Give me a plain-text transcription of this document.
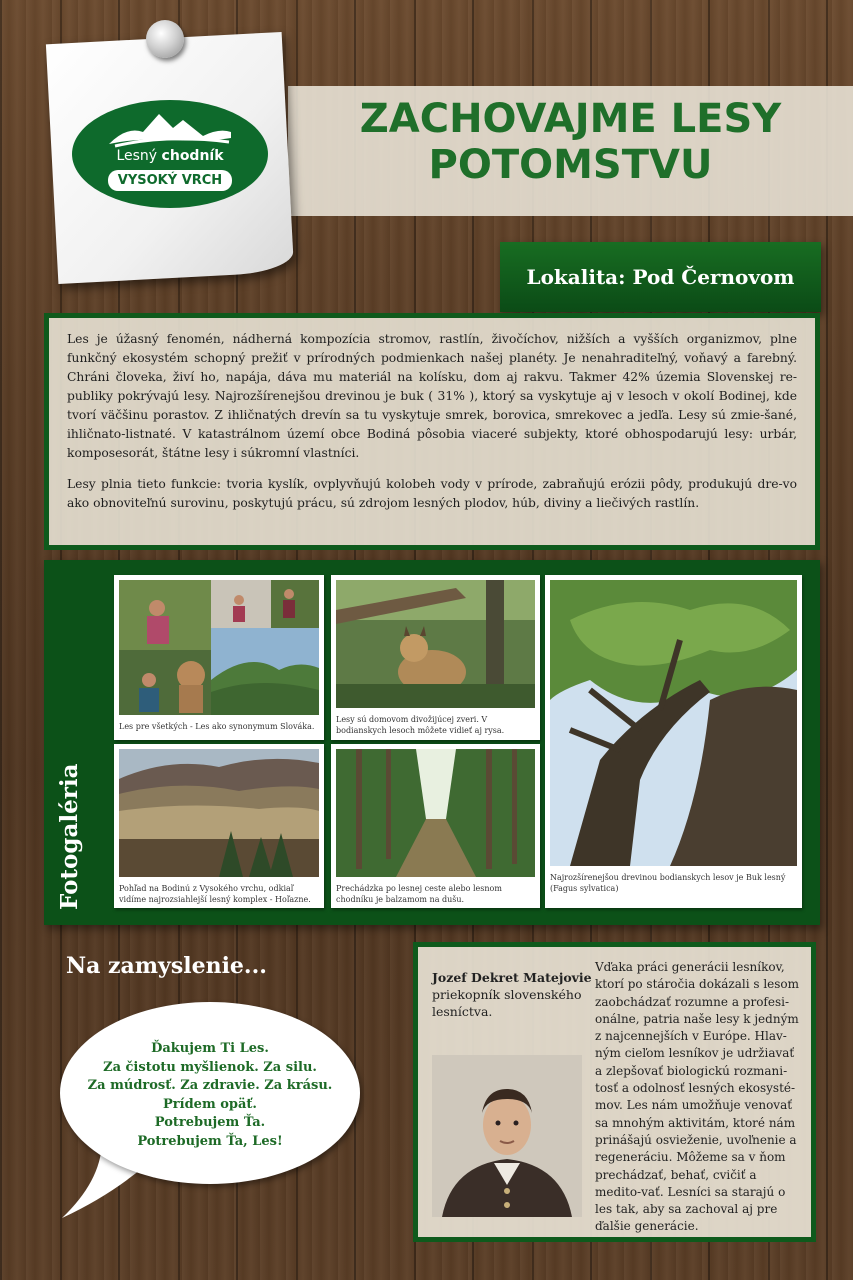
Lesný chodník
VYSOKÝ VRCH
ZACHOVAJME LESY
POTOMSTVU
Lokalita: Pod Černovom

Les je úžasný fenomén, nádherná kompozícia stromov, rastlín, živočíchov, nižších a vyšších organizmov, plne funkčný ekosystém schopný prežiť v prírodných podmienkach našej planéty. Je nenahraditeľný, voňavý a farebný. Chráni človeka, živí ho, napája, dáva mu materiál na kolísku, dom aj rakvu. Takmer 42% územia Slovenskej re-publiky pokrývajú lesy. Najrozšírenejšou drevinou je buk ( 31% ), ktorý sa vyskytuje aj v lesoch v okolí Bodinej, kde tvorí väčšinu porastov. Z ihličnatých drevín sa tu vyskytuje smrek, borovica, smrekovec a jedľa. Lesy sú zmie-šané, ihličnato-listnaté. V katastrálnom území obce Bodiná pôsobia viaceré subjekty, ktoré obhospodarujú lesy: urbár, komposesorát, štátne lesy i súkromní vlastníci.

Lesy plnia tieto funkcie: tvoria kyslík, ovplyvňujú kolobeh vody v prírode, zabraňujú erózii pôdy, produkujú dre-vo ako obnoviteľnú surovinu, poskytujú prácu, sú zdrojom lesných plodov, húb, diviny a liečivých rastlín.

Fotogaléria
Les pre všetkých - Les ako synonymum Slováka.
Lesy sú domovom divožijúcej zveri. V bodianskych lesoch môžete vidieť aj rysa.
Najrozšírenejšou drevinou bodianskych lesov je Buk lesný (Fagus sylvatica)
Pohľad na Bodinú z Vysokého vrchu, odkiaľ vidíme najrozsiahlejší lesný komplex - Hoľazne.
Prechádzka po lesnej ceste alebo lesnom chodníku je balzamom na dušu.
Na zamyslenie...
Ďakujem Ti Les.
Za čistotu myšlienok. Za silu.
Za múdrosť. Za zdravie. Za krásu.
Prídem opäť.
Potrebujem Ťa.
Potrebujem Ťa, Les!
Jozef Dekret Matejovie
priekopník slovenského lesníctva.
Vďaka práci generácii lesníkov, ktorí po stáročia dokázali s lesom zaobchádzať rozumne a profesi-onálne, patria naše lesy k jedným z najcennejších v Európe. Hlav-ným cieľom lesníkov je udržiavať a zlepšovať biologickú rozmani-tosť a odolnosť lesných ekosysté-mov. Les nám umožňuje venovať sa mnohým aktivitám, ktoré nám prinášajú osvieženie, uvoľnenie a regeneráciu. Môžeme sa v ňom prechádzať, behať, cvičiť a medito-vať. Lesníci sa starajú o les tak, aby sa zachoval aj pre ďalšie generácie.
